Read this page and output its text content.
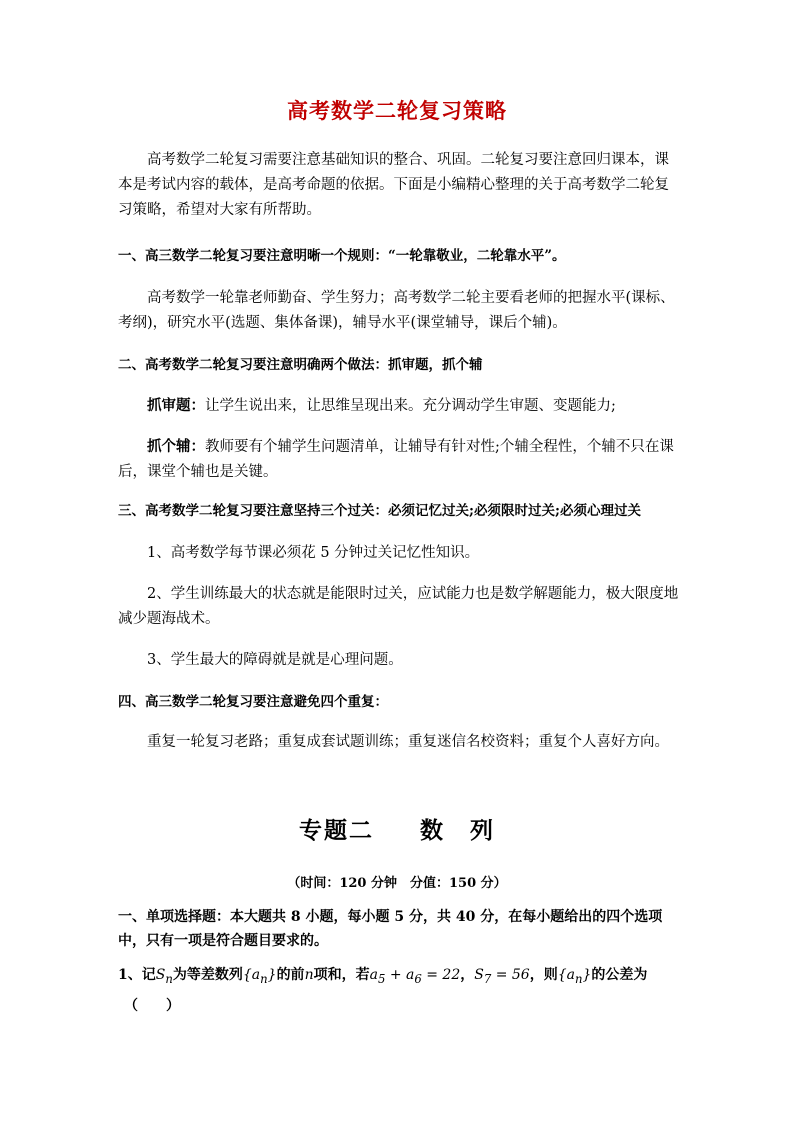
高考数学二轮复习策略
高考数学二轮复习需要注意基础知识的整合、巩固。二轮复习要注意回归课本，课本是考试内容的载体，是高考命题的依据。下面是小编精心整理的关于高考数学二轮复习策略，希望对大家有所帮助。
一、高三数学二轮复习要注意明晰一个规则：“一轮靠敬业，二轮靠水平”。
高考数学一轮靠老师勤奋、学生努力；高考数学二轮主要看老师的把握水平(课标、考纲)，研究水平(选题、集体备课)，辅导水平(课堂辅导，课后个辅)。
二、高考数学二轮复习要注意明确两个做法：抓审题，抓个辅
抓审题：让学生说出来，让思维呈现出来。充分调动学生审题、变题能力;
抓个辅：教师要有个辅学生问题清单，让辅导有针对性;个辅全程性，个辅不只在课后，课堂个辅也是关键。
三、高考数学二轮复习要注意坚持三个过关：必须记忆过关;必须限时过关;必须心理过关
1、高考数学每节课必须花 5 分钟过关记忆性知识。
2、学生训练最大的状态就是能限时过关，应试能力也是数学解题能力，极大限度地减少题海战术。
3、学生最大的障碍就是就是心理问题。
四、高三数学二轮复习要注意避免四个重复：
重复一轮复习老路；重复成套试题训练；重复迷信名校资料；重复个人喜好方向。
专题二 数　列
（时间：120 分钟　分值：150 分）
一、单项选择题：本大题共 8 小题，每小题 5 分，共 40 分，在每小题给出的四个选项中，只有一项是符合题目要求的。
1、记$S_n$为等差数列$\{a_n\}$的前n项和，若$a_5 + a_6 = 22$，$S_7 = 56$，则$\{a_n\}$的公差为
（　　）
